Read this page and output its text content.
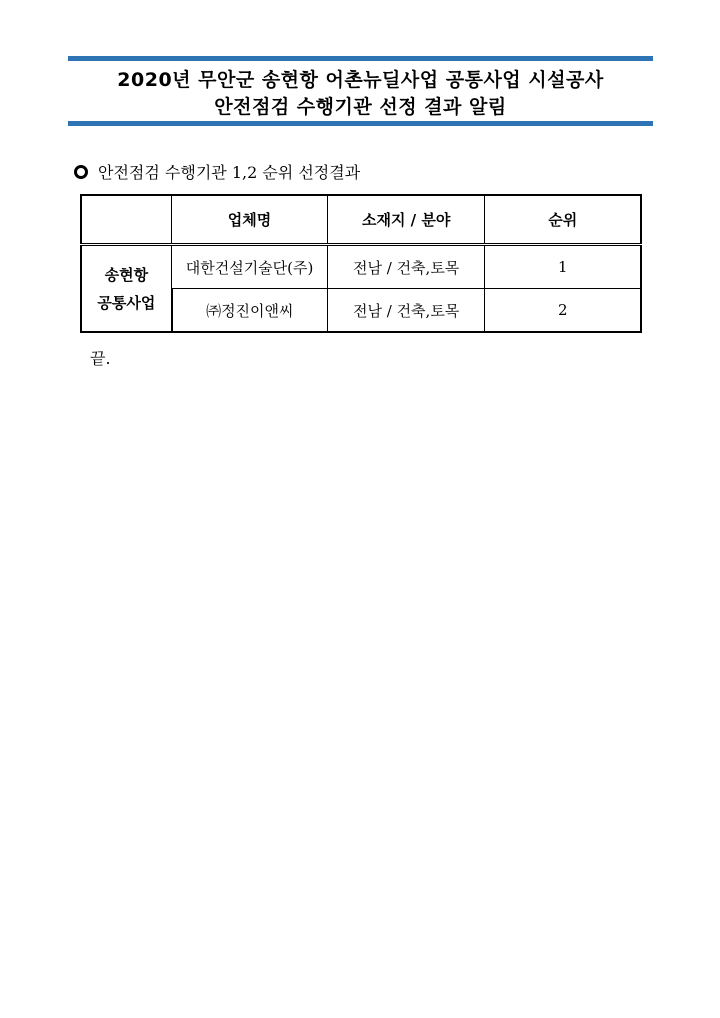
2020년 무안군 송현항 어촌뉴딜사업 공통사업 시설공사
안전점검 수행기관 선정 결과 알림
안전점검 수행기관 1,2 순위 선정결과
	업체명	소재지 / 분야	순위

송현항
공통사업	대한건설기술단(주)	전남 / 건축,토목	1
	㈜정진이앤씨	전남 / 건축,토목	2
끝.
